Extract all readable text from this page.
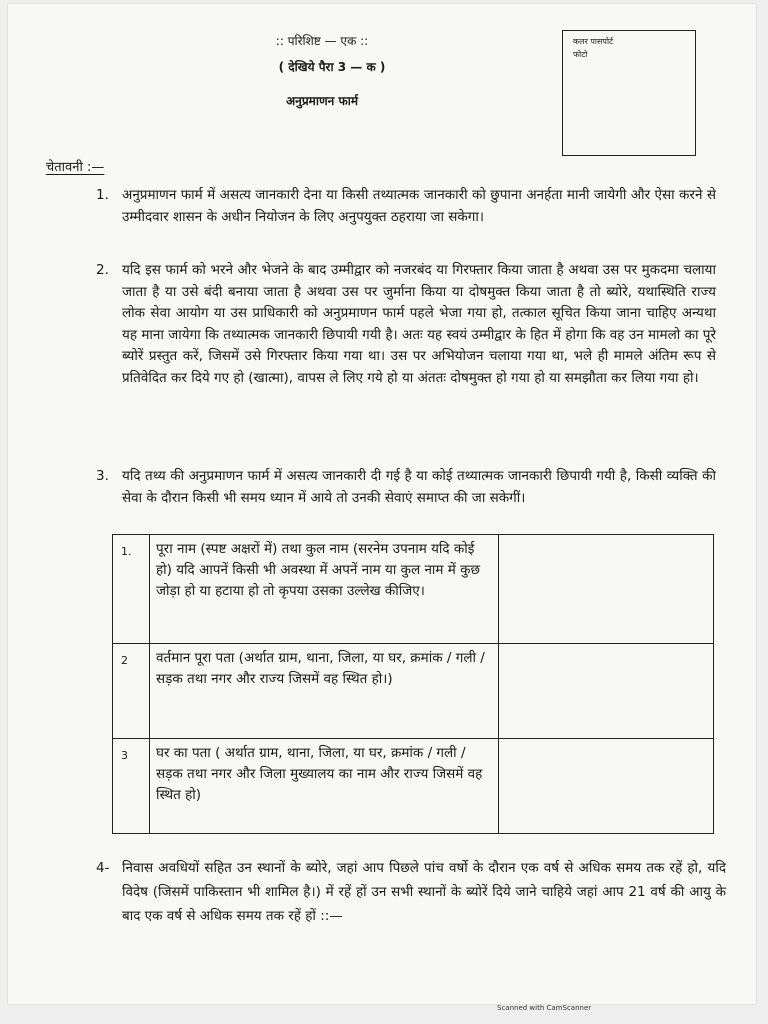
:: परिशिष्ट — एक ::
( देखिये पैरा 3 — क )
अनुप्रमाणन फार्म
कलर पासपोर्ट
फोटो
चेतावनी :—
1. अनुप्रमाणन फार्म में असत्य जानकारी देना या किसी तथ्यात्मक जानकारी को छुपाना अनर्हता मानी जायेगी और ऐसा करने से उम्मीदवार शासन के अधीन नियोजन के लिए अनुपयुक्त ठहराया जा सकेगा।
2. यदि इस फार्म को भरने और भेजने के बाद उम्मीद्वार को नजरबंद या गिरफ्तार किया जाता है अथवा उस पर मुकदमा चलाया जाता है या उसे बंदी बनाया जाता है अथवा उस पर जुर्माना किया या दोषमुक्त किया जाता है तो ब्योरे, यथास्थिति राज्य लोक सेवा आयोग या उस प्राधिकारी को अनुप्रमाणन फार्म पहले भेजा गया हो, तत्काल सूचित किया जाना चाहिए अन्यथा यह माना जायेगा कि तथ्यात्मक जानकारी छिपायी गयी है। अतः यह स्वयं उम्मीद्वार के हित में होगा कि वह उन मामलो का पूरे ब्योरें प्रस्तुत करें, जिसमें उसे गिरफ्तार किया गया था। उस पर अभियोजन चलाया गया था, भले ही मामले अंतिम रूप से प्रतिवेदित कर दिये गए हो (खात्मा), वापस ले लिए गये हो या अंततः दोषमुक्त हो गया हो या समझौता कर लिया गया हो।
3. यदि तथ्य की अनुप्रमाणन फार्म में असत्य जानकारी दी गई है या कोई तथ्यात्मक जानकारी छिपायी गयी है, किसी व्यक्ति की सेवा के दौरान किसी भी समय ध्यान में आये तो उनकी सेवाएं समाप्त की जा सकेगीं।
1.	पूरा नाम (स्पष्ट अक्षरों में) तथा कुल नाम (सरनेम उपनाम यदि कोई हो) यदि आपनें किसी भी अवस्था में अपनें नाम या कुल नाम में कुछ जोड़ा हो या हटाया हो तो कृपया उसका उल्लेख कीजिए।	
2	वर्तमान पूरा पता (अर्थात ग्राम, थाना, जिला, या घर, क्रमांक / गली / सड़क तथा नगर और राज्य जिसमें वह स्थित हो।)	
3	घर का पता ( अर्थात ग्राम, थाना, जिला, या घर, क्रमांक / गली / सड़क तथा नगर और जिला मुख्यालय का नाम और राज्य जिसमें वह स्थित हो)	
4- निवास अवधियों सहित उन स्थानों के ब्योरे, जहां आप पिछले पांच वर्षो के दौरान एक वर्ष से अधिक समय तक रहें हो, यदि विदेष (जिसमें पाकिस्तान भी शामिल है।) में रहें हों उन सभी स्थानों के ब्योरें दिये जाने चाहिये जहां आप 21 वर्ष की आयु के बाद एक वर्ष से अधिक समय तक रहें हों ::—
Scanned with CamScanner
